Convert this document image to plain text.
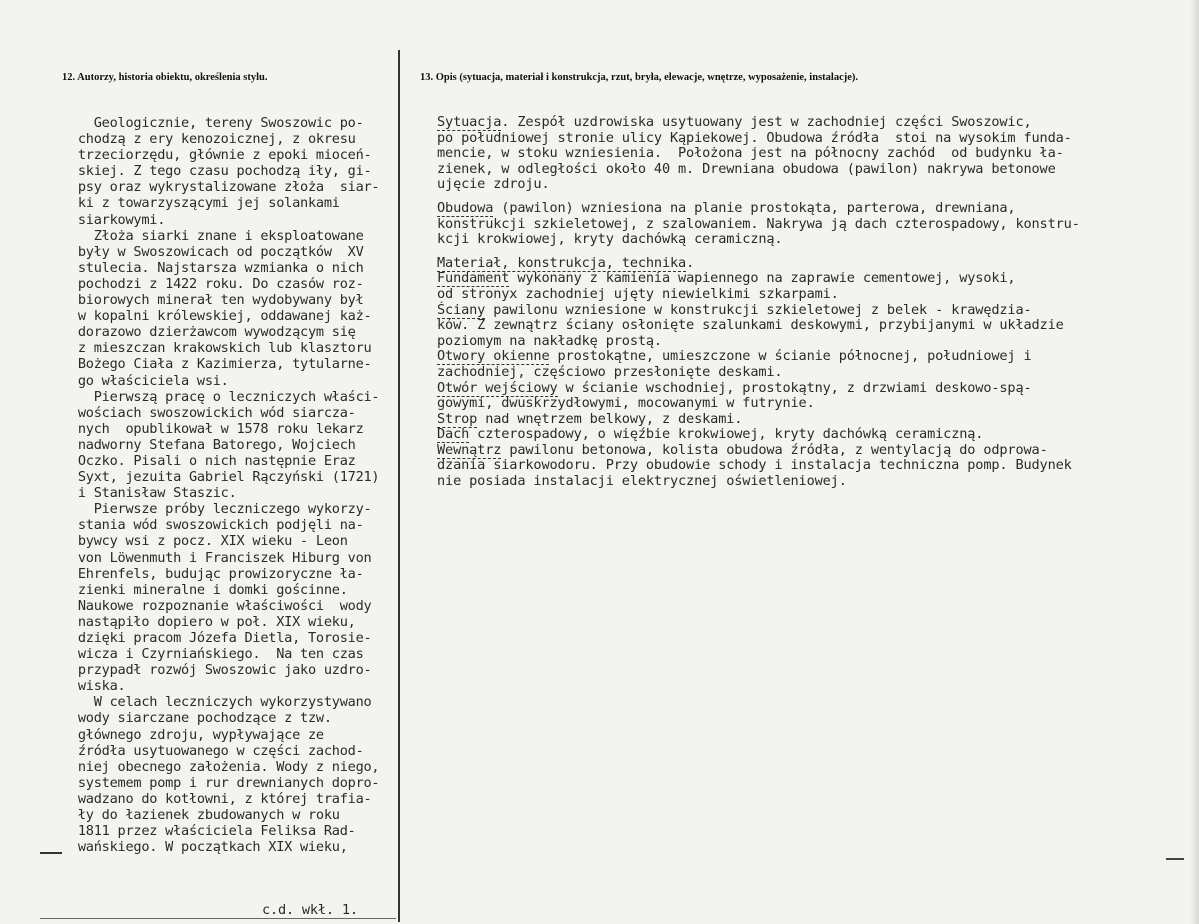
12. Autorzy, historia obiektu, określenia stylu.	13. Opis (sytuacja, materiał i konstrukcja, rzut, bryła, elewacje, wnętrze, wyposażenie, instalacje).
Geologicznie, tereny Swoszowic po-
chodzą z ery kenozoicznej, z okresu
trzeciorzędu, głównie z epoki mioceń-
skiej. Z tego czasu pochodzą iły, gi-
psy oraz wykrystalizowane złoża  siar-
ki z towarzyszącymi jej solankami
siarkowymi.
Złoża siarki znane i eksploatowane
były w Swoszowicach od początków  XV
stulecia. Najstarsza wzmianka o nich
pochodzi z 1422 roku. Do czasów roz-
biorowych minerał ten wydobywany był
w kopalni królewskiej, oddawanej każ-
dorazowo dzierżawcom wywodzącym się
z mieszczan krakowskich lub klasztoru
Bożego Ciała z Kazimierza, tytularne-
go właściciela wsi.
Pierwszą pracę o leczniczych właści-
wościach swoszowickich wód siarcza-
nych  opublikował w 1578 roku lekarz
nadworny Stefana Batorego, Wojciech
Oczko. Pisali o nich następnie Eraz
Syxt, jezuita Gabriel Rączyński (1721)
i Stanisław Staszic.
Pierwsze próby leczniczego wykorzy-
stania wód swoszowickich podjęli na-
bywcy wsi z pocz. XIX wieku - Leon
von Löwenmuth i Franciszek Hiburg von
Ehrenfels, budując prowizoryczne ła-
zienki mineralne i domki gościnne.
Naukowe rozpoznanie właściwości  wody
nastąpiło dopiero w poł. XIX wieku,
dzięki pracom Józefa Dietla, Torosie-
wicza i Czyrniańskiego.  Na ten czas
przypadł rozwój Swoszowic jako uzdro-
wiska.
W celach leczniczych wykorzystywano
wody siarczane pochodzące z tzw.
głównego zdroju, wypływające ze
źródła usytuowanego w części zachod-
niej obecnego założenia. Wody z niego,
systemem pomp i rur drewnianych dopro-
wadzano do kotłowni, z której trafia-
ły do łazienek zbudowanych w roku
1811 przez właściciela Feliksa Rad-
wańskiego. W początkach XIX wieku,
c.d. wkł. 1.
Sytuacja. Zespół uzdrowiska usytuowany jest w zachodniej części Swoszowic,
po południowej stronie ulicy Kąpiekowej. Obudowa źródła  stoi na wysokim funda-
mencie, w stoku wzniesienia.  Położona jest na północny zachód  od budynku ła-
zienek, w odległości około 40 m. Drewniana obudowa (pawilon) nakrywa betonowe
ujęcie zdroju.
Obudowa (pawilon) wzniesiona na planie prostokąta, parterowa, drewniana,
konstrukcji szkieletowej, z szalowaniem. Nakrywa ją dach czterospadowy, konstru-
kcji krokwiowej, kryty dachówką ceramiczną.
Materiał, konstrukcja, technika.
Fundament wykonany z kamienia wapiennego na zaprawie cementowej, wysoki,
od stronyx zachodniej ujęty niewielkimi szkarpami.
Ściany pawilonu wzniesione w konstrukcji szkieletowej z belek - krawędzia-
ków. Z zewnątrz ściany osłonięte szalunkami deskowymi, przybijanymi w układzie
poziomym na nakładkę prostą.
Otwory okienne prostokątne, umieszczone w ścianie północnej, południowej i
zachodniej, częściowo przesłonięte deskami.
Otwór wejściowy w ścianie wschodniej, prostokątny, z drzwiami deskowo-spą-
gowymi, dwuskrzydłowymi, mocowanymi w futrynie.
Strop nad wnętrzem belkowy, z deskami.
Dach czterospadowy, o więźbie krokwiowej, kryty dachówką ceramiczną.
Wewnątrz pawilonu betonowa, kolista obudowa źródła, z wentylacją do odprowa-
dzania siarkowodoru. Przy obudowie schody i instalacja techniczna pomp. Budynek
nie posiada instalacji elektrycznej oświetleniowej.
